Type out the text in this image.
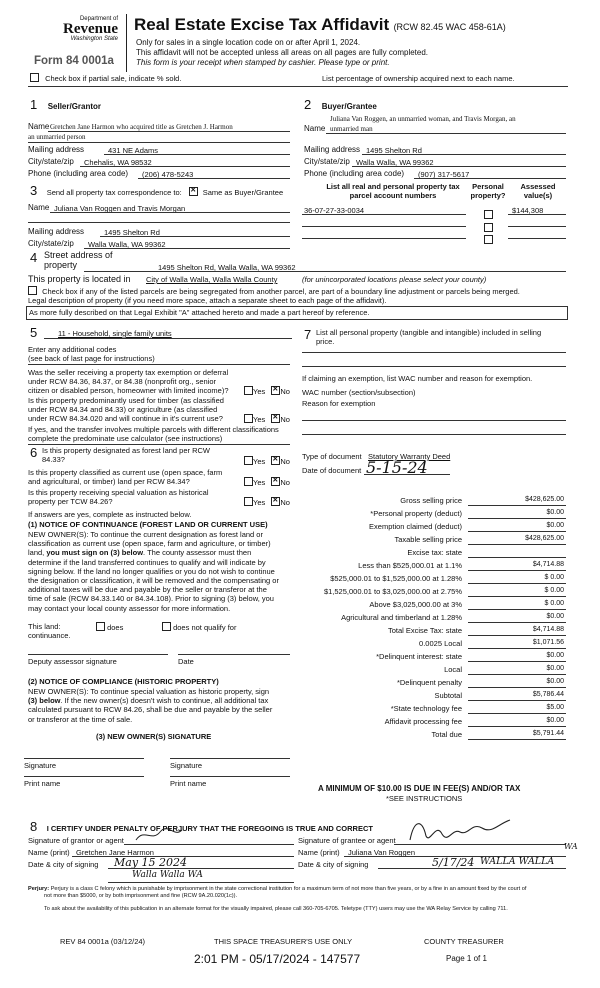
Department of
Revenue
Washington State
Form 84 0001a
Real Estate Excise Tax Affidavit (RCW 82.45 WAC 458-61A)
Only for sales in a single location code on or after April 1, 2024.
This affidavit will not be accepted unless all areas on all pages are fully completed.
This form is your receipt when stamped by cashier. Please type or print.
Check box if partial sale, indicate % sold.	List percentage of ownership acquired next to each name.
1 Seller/Grantor
Name Gretchen Jane Harmon who acquired title as Gretchen J. Harmon
an unmarried person
Mailing address	431 NE Adams
City/state/zip Chehalis, WA 98532
Phone (including area code) (206) 478-5243
2 Buyer/Grantee
Juliana Van Roggen, an unmarried woman, and Travis Morgan, an
Name unmarried man
Mailing address 1495 Shelton Rd
City/state/zip Walla Walla, WA 99362
Phone (including area code) (907) 317-5617
List all real and personal property tax
parcel account numbers
Personal
property?
Assessed
value(s)
36-07-27-33-0034	$144,308
3 Send all property tax correspondence to: ✕	Same as Buyer/Grantee
Name Juliana Van Roggen and Travis Morgan
Mailing address	1495 Shelton Rd
City/state/zip Walla Walla, WA 99362
4 Street address of
property	1495 Shelton Rd, Walla Walla, WA 99362
This property is located in City of Walla Walla, Walla Walla County	(for unincorporated locations please select your county)
Check box if any of the listed parcels are being segregated from another parcel, are part of a boundary line adjustment or parcels being merged.
Legal description of property (if you need more space, attach a separate sheet to each page of the affidavit).
As more fully described on that Legal Exhibit "A" attached hereto and made a part hereof by reference.
5	11 - Household, single family units
Enter any additional codes
(see back of last page for instructions)
Was the seller receiving a property tax exemption or deferral
under RCW 84.36, 84.37, or 84.38 (nonprofit org., senior
citizen or disabled person, homeowner with limited income)?	Yes ✕ No
Is this property predominantly used for timber (as classified
under RCW 84.34 and 84.33) or agriculture (as classified
under RCW 84.34.020 and will continue in it's current use?	Yes ✕ No
If yes, and the transfer involves multiple parcels with different classifications
complete the predominate use calculator (see instructions)
6 Is this property designated as forest land per RCW
84.33?	Yes ✕ No
Is this property classified as current use (open space, farm
and agricultural, or timber) land per RCW 84.34?	Yes ✕ No
Is this property receiving special valuation as historical
property per TCW 84.26?	Yes ✕ No
If answers are yes, complete as instructed below.
(1) NOTICE OF CONTINUANCE (FOREST LAND OR CURRENT USE)
NEW OWNER(S): To continue the current designation as forest land or
classification as current use (open space, farm and agriculture, or timber)
land, you must sign on (3) below. The county assessor must then
determine if the land transferred continues to qualify and will indicate by
signing below. If the land no longer qualifies or you do not wish to continue
the designation or classification, it will be removed and the compensating or
additional taxes will be due and payable by the seller or transferor at the
time of sale (RCW 84.33.140 or 84.34.108). Prior to signing (3) below, you
may contact your local county assessor for more information.
This land:
continuance.
does	does not qualify for
Deputy assessor signature	Date
(2) NOTICE OF COMPLIANCE (HISTORIC PROPERTY)
NEW OWNER(S): To continue special valuation as historic property, sign
(3) below. If the new owner(s) doesn't wish to continue, all additional tax
calculated pursuant to RCW 84.26, shall be due and payable by the seller
or transferor at the time of sale.
(3) NEW OWNER(S) SIGNATURE
Signature	Signature
Print name	Print name
7 List all personal property (tangible and intangible) included in selling
price.
If claiming an exemption, list WAC number and reason for exemption.
WAC number (section/subsection)
Reason for exemption
Type of document Statutory Warranty Deed
Date of document 5-15-24
Gross selling price	$428,625.00
*Personal property (deduct)	$0.00
Exemption claimed (deduct)	$0.00
Taxable selling price	$428,625.00
Excise tax: state
Less than $525,000.01 at 1.1%	$4,714.88
$525,000.01 to $1,525,000.00 at 1.28%	$ 0.00
$1,525,000.01 to $3,025,000.00 at 2.75%	$ 0.00
Above $3,025,000.00 at 3%	$ 0.00
Agricultural and timberland at 1.28%	$0.00
Total Excise Tax: state	$4,714.88
0.0025 Local	$1,071.56
*Delinquent interest: state	$0.00
Local	$0.00
*Delinquent penalty	$0.00
Subtotal	$5,786.44
*State technology fee	$5.00
Affidavit processing fee	$0.00
Total due	$5,791.44
A MINIMUM OF $10.00 IS DUE IN FEE(S) AND/OR TAX
*SEE INSTRUCTIONS
8 I CERTIFY UNDER PENALTY OF PERJURY THAT THE FOREGOING IS TRUE AND CORRECT
Signature of grantor or agent
Name (print) Gretchen Jane Harmon
Date & city of signing May 15 2024
Walla Walla WA
Signature of grantee or agent
Name (print) Juliana Van Roggen
Date & city of signing	5/17/24 WALLA WALLA
WA
Perjury: Perjury is a class C felony which is punishable by imprisonment in the state correctional institution for a maximum term of not more than five years, or by a fine in an amount fixed by the court of
not more than $5000, or by both imprisonment and fine (RCW 9A.20.020(1c)).
To ask about the availability of this publication in an alternate format for the visually impaired, please call 360-705-6705. Teletype (TTY) users may use the WA Relay Service by calling 711.
REV 84 0001a (03/12/24)	THIS SPACE TREASURER'S USE ONLY	COUNTY TREASURER
2:01 PM - 05/17/2024 - 147577	Page 1 of 1
